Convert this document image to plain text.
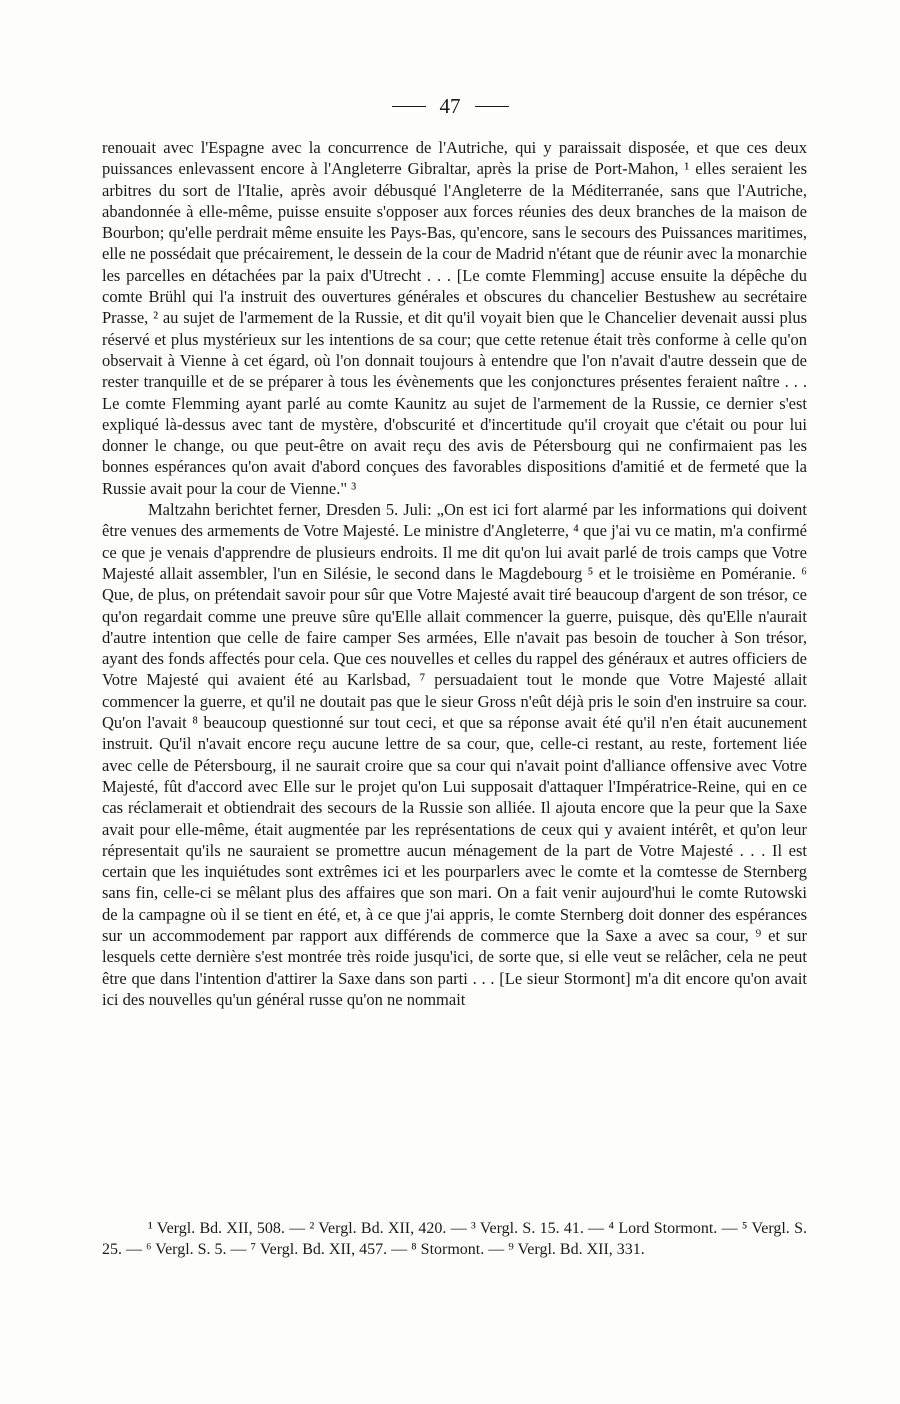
47

renouait avec l'Espagne avec la concurrence de l'Autriche, qui y paraissait disposée, et que ces deux puissances enlevassent encore à l'Angleterre Gibraltar, après la prise de Port-Mahon, ¹ elles seraient les arbitres du sort de l'Italie, après avoir débusqué l'Angleterre de la Méditerranée, sans que l'Autriche, abandonnée à elle-même, puisse ensuite s'opposer aux forces réunies des deux branches de la maison de Bourbon; qu'elle perdrait même ensuite les Pays-Bas, qu'encore, sans le secours des Puissances maritimes, elle ne possédait que précairement, le dessein de la cour de Madrid n'étant que de réunir avec la monarchie les parcelles en détachées par la paix d'Utrecht . . . [Le comte Flemming] accuse ensuite la dépêche du comte Brühl qui l'a instruit des ouvertures générales et obscures du chancelier Bestushew au secrétaire Prasse, ² au sujet de l'armement de la Russie, et dit qu'il voyait bien que le Chancelier devenait aussi plus réservé et plus mystérieux sur les intentions de sa cour; que cette retenue était très conforme à celle qu'on observait à Vienne à cet égard, où l'on donnait toujours à entendre que l'on n'avait d'autre dessein que de rester tranquille et de se préparer à tous les évènements que les conjonctures présentes feraient naître . . . Le comte Flemming ayant parlé au comte Kaunitz au sujet de l'armement de la Russie, ce dernier s'est expliqué là-dessus avec tant de mystère, d'obscurité et d'incertitude qu'il croyait que c'était ou pour lui donner le change, ou que peut-être on avait reçu des avis de Pétersbourg qui ne confirmaient pas les bonnes espérances qu'on avait d'abord conçues des favorables dispositions d'amitié et de fermeté que la Russie avait pour la cour de Vienne." ³

Maltzahn berichtet ferner, Dresden 5. Juli: „On est ici fort alarmé par les informations qui doivent être venues des armements de Votre Majesté. Le ministre d'Angleterre, ⁴ que j'ai vu ce matin, m'a confirmé ce que je venais d'apprendre de plusieurs endroits. Il me dit qu'on lui avait parlé de trois camps que Votre Majesté allait assembler, l'un en Silésie, le second dans le Magdebourg ⁵ et le troisième en Poméranie. ⁶ Que, de plus, on prétendait savoir pour sûr que Votre Majesté avait tiré beaucoup d'argent de son trésor, ce qu'on regardait comme une preuve sûre qu'Elle allait commencer la guerre, puisque, dès qu'Elle n'aurait d'autre intention que celle de faire camper Ses armées, Elle n'avait pas besoin de toucher à Son trésor, ayant des fonds affectés pour cela. Que ces nouvelles et celles du rappel des généraux et autres officiers de Votre Majesté qui avaient été au Karlsbad, ⁷ persuadaient tout le monde que Votre Majesté allait commencer la guerre, et qu'il ne doutait pas que le sieur Gross n'eût déjà pris le soin d'en instruire sa cour. Qu'on l'avait ⁸ beaucoup questionné sur tout ceci, et que sa réponse avait été qu'il n'en était aucunement instruit. Qu'il n'avait encore reçu aucune lettre de sa cour, que, celle-ci restant, au reste, fortement liée avec celle de Pétersbourg, il ne saurait croire que sa cour qui n'avait point d'alliance offensive avec Votre Majesté, fût d'accord avec Elle sur le projet qu'on Lui supposait d'attaquer l'Impératrice-Reine, qui en ce cas réclamerait et obtiendrait des secours de la Russie son alliée. Il ajouta encore que la peur que la Saxe avait pour elle-même, était augmentée par les représentations de ceux qui y avaient intérêt, et qu'on leur répresentait qu'ils ne sauraient se promettre aucun ménagement de la part de Votre Majesté . . . Il est certain que les inquiétudes sont extrêmes ici et les pourparlers avec le comte et la comtesse de Sternberg sans fin, celle-ci se mêlant plus des affaires que son mari. On a fait venir aujourd'hui le comte Rutowski de la campagne où il se tient en été, et, à ce que j'ai appris, le comte Sternberg doit donner des espérances sur un accommodement par rapport aux différends de commerce que la Saxe a avec sa cour, ⁹ et sur lesquels cette dernière s'est montrée très roide jusqu'ici, de sorte que, si elle veut se relâcher, cela ne peut être que dans l'intention d'attirer la Saxe dans son parti . . . [Le sieur Stormont] m'a dit encore qu'on avait ici des nouvelles qu'un général russe qu'on ne nommait

¹ Vergl. Bd. XII, 508. — ² Vergl. Bd. XII, 420. — ³ Vergl. S. 15. 41. — ⁴ Lord Stormont. — ⁵ Vergl. S. 25. — ⁶ Vergl. S. 5. — ⁷ Vergl. Bd. XII, 457. — ⁸ Stormont. — ⁹ Vergl. Bd. XII, 331.
